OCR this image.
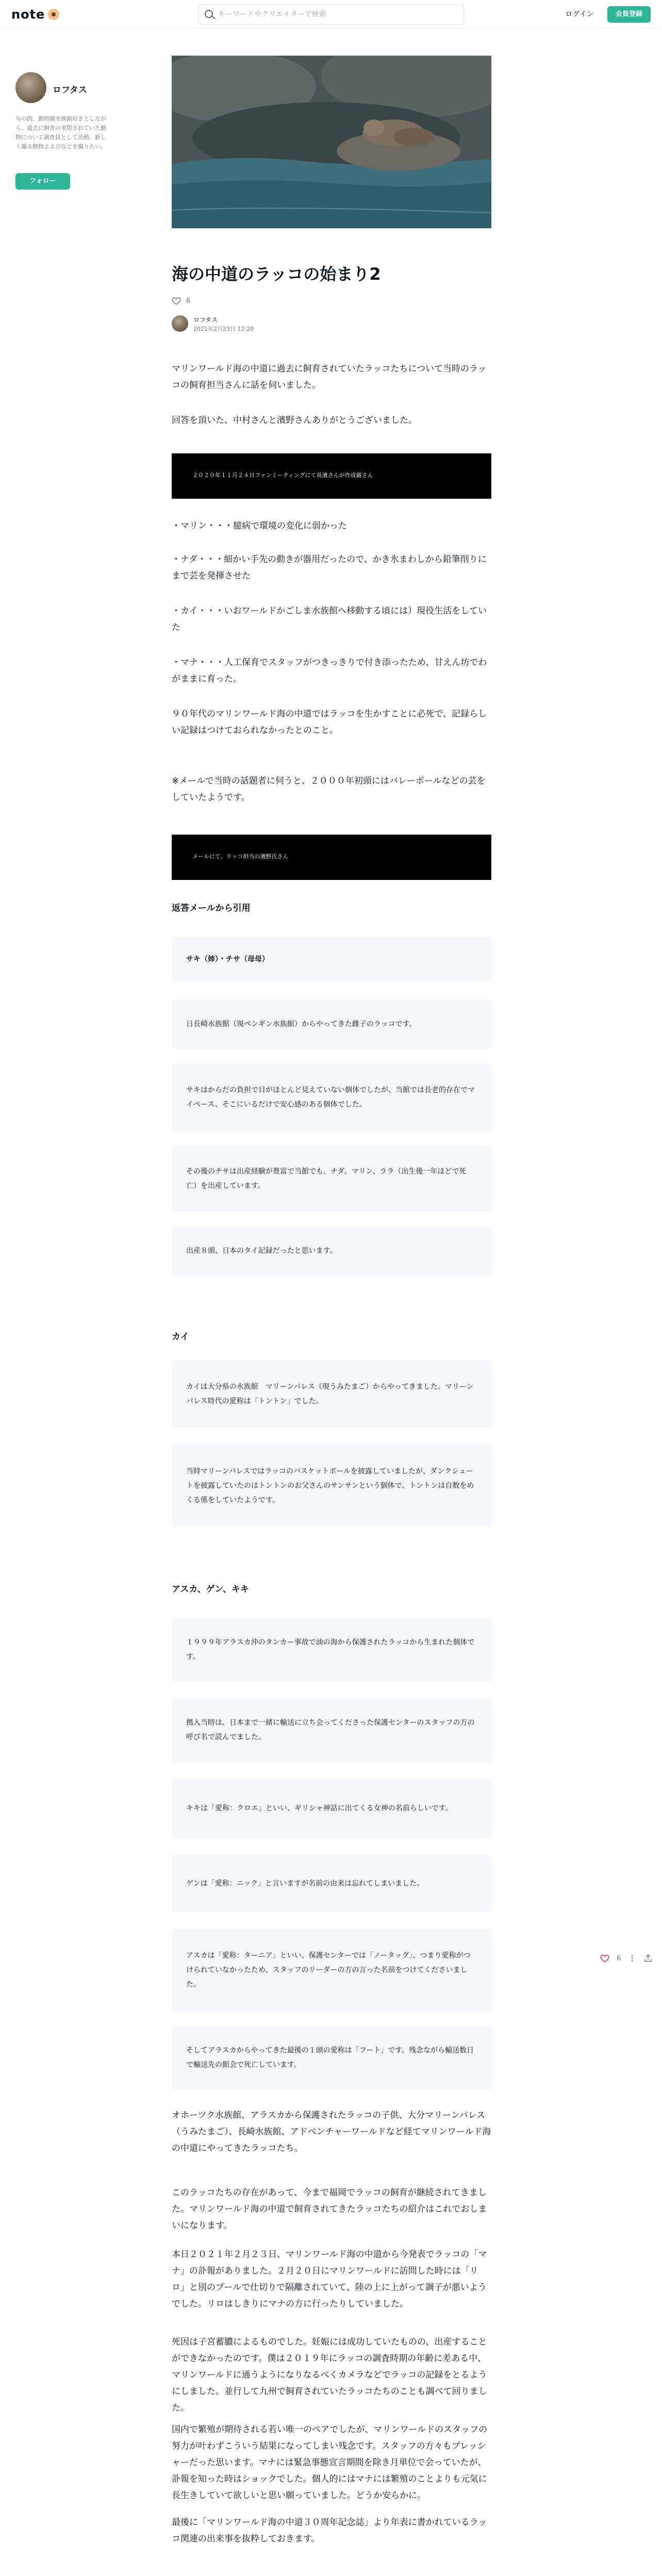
note
キーワードやクリエイターで検索	ログイン	会員登録
ロフタス
与の的、動物園水族館好きとしながら、過去に飼育の実際されていた動物について調査員として活動。新しく撮る動物よよびなどを撮りたい。
フォロー
海の中道のラッコの始まり2
6
ロフタス
2021年2月23日 12:20
マリンワールド海の中道に過去に飼育されていたラッコたちについて当時のラッコの飼育担当さんに話を伺いました。
回答を頂いた、中村さんと濱野さんありがとうございました。
２０２０年１１月２４日ファンミーティングにて長濱さんが作成厳さん
・マリン・・・臆病で環境の変化に弱かった
・ナダ・・・細かい手先の動きが器用だったので、かき氷まわしから鉛筆削りにまで芸を発揮させた
・カイ・・・いおワールドかごしま水族館へ移動する頃には）現役生活をしていた
・マナ・・・人工保育でスタッフがつきっきりで付き添ったため、甘えん坊でわがままに育った。
９０年代のマリンワールド海の中道ではラッコを生かすことに必死で、記録らしい記録はつけておられなかったとのこと。
※メールで当時の話題者に伺うと、２０００年初頭にはバレーボールなどの芸をしていたようです。
メールにて、ラッコ担当の濱野氏さん
返答メールから引用
サキ（姉）・チサ（母母）
日長崎水族館（現ペンギン水族館）からやってきた雌子のラッコです。
サキはからだの負担で目がほとんど見えていない個体でしたが、当館では長老的存在でマイペース、そこにいるだけで安心感のある個体でした。
その後のチサは出産経験が豊富で当館でも、ナダ、マリン、ララ（出生後一年ほどで死亡）を出産しています。
出産８頭、日本のタイ記録だったと思います。
カイ
カイは大分県の水族館　マリーンパレス（現うみたまご）からやってきました。マリーンパレス時代の愛称は「トントン」でした。
当時マリーンパレスではラッコのバスケットボールを披露していましたが、ダンクシュートを披露していたのはトントンのお父さんのサンサンという個体で、トントンは自数をめくる係をしていたようです。
アスカ、ゲン、キキ
１９９９年アラスカ沖のタンカー事故で油の海から保護されたラッコから生まれた個体です。
拠入当時は、日本まで一緒に輸送に立ち会ってくださった保護センターのスタッフの方の呼び名で読んでました。
キキは「愛称：クロエ」といい、ギリシャ神話に出てくる女神の名前らしいです。
ゲンは「愛称：ニック」と言いますが名前の由来は忘れてしまいました。
アスカは「愛称：ターニア」といい、保護センターでは「ノータッグ」、つまり愛称がつけられていなかったため、スタッフのリーダーの方の言った名前をつけてくださいました。
そしてアラスカからやってきた最後の１頭の愛称は「フート」です。残念ながら輸送数日で輸送先の館会で死亡しています。
オホーツク水族館、アラスカから保護されたラッコの子供、大分マリーンパレス（うみたまご）、長崎水族館、アドベンチャーワールドなど経てマリンワールド海の中道にやってきたラッコたち。
このラッコたちの存在があって、今まで福岡でラッコの飼育が継続されてきました。マリンワールド海の中道で飼育されてきたラッコたちの紹介はこれでおしまいになります。
本日２０２１年２月２３日、マリンワールド海の中道から今発表でラッコの「マナ」の訃報がありました。２月２０日にマリンワールドに訪問した時には「リロ」と別のプールで仕切りで隔離されていて、陸の上に上がって調子が悪いようでした。リロはしきりにマナの方に行ったりしていました。
死因は子宮蓄膿によるものでした。妊娠には成功していたものの、出産することができなかったのです。僕は２０１９年にラッコの調査時期の年齢に差ある中、マリンワールドに通うようになりなるべくカメラなどでラッコの記録をとるようにしました。並行して九州で飼育されていたラッコたちのことも調べて回りました。
国内で繁殖が期待される若い唯一のペアでしたが、マリンワールドのスタッフの努力が叶わずこういう結果になってしまい残念です。スタッフの方々もプレッシャーだった思います。マナには緊急事態宣言期間を除き月単位で会っていたが、訃報を知った時はショックでした。個人的にはマナには繁殖のことよりも元気に長生きしていて欲しいと思い願っていました。どうか安らかに。
最後に「マリンワールド海の中道３０周年記念誌」より年表に書かれているラッコ関連の出来事を抜粋しておきます。
6
